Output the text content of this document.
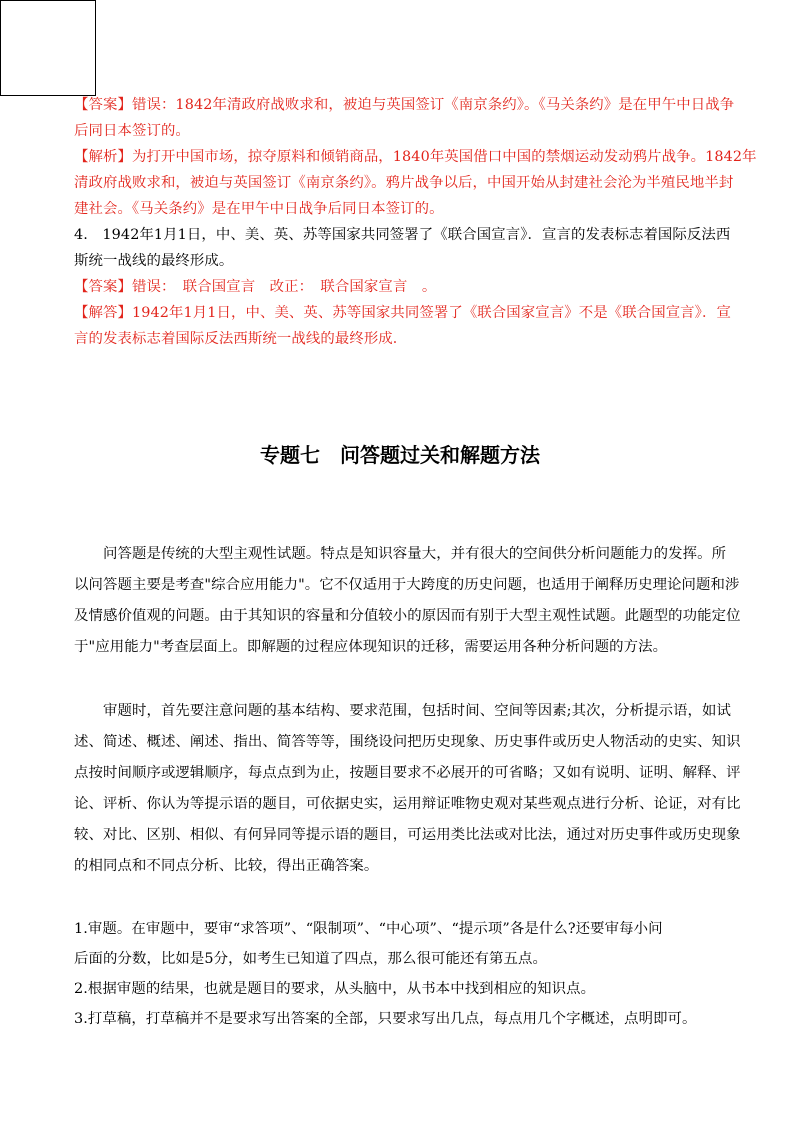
【答案】错误：1842年清政府战败求和，被迫与英国签订《南京条约》。《马关条约》是在甲午中日战争
后同日本签订的。
【解析】为打开中国市场，掠夺原料和倾销商品，1840年英国借口中国的禁烟运动发动鸦片战争。1842年
清政府战败求和，被迫与英国签订《南京条约》。鸦片战争以后，中国开始从封建社会沦为半殖民地半封
建社会。《马关条约》是在甲午中日战争后同日本签订的。
4.　1942年1月1日，中、美、英、苏等国家共同签署了《联合国宣言》．宣言的发表标志着国际反法西
斯统一战线的最终形成。
【答案】错误：　联合国宣言　改正：　联合国家宣言　。
【解答】1942年1月1日，中、美、英、苏等国家共同签署了《联合国家宣言》不是《联合国宣言》．宣
言的发表标志着国际反法西斯统一战线的最终形成．
专题七　问答题过关和解题方法
　　问答题是传统的大型主观性试题。特点是知识容量大，并有很大的空间供分析问题能力的发挥。所
以问答题主要是考查"综合应用能力"。它不仅适用于大跨度的历史问题，也适用于阐释历史理论问题和涉
及情感价值观的问题。由于其知识的容量和分值较小的原因而有别于大型主观性试题。此题型的功能定位
于"应用能力"考查层面上。即解题的过程应体现知识的迁移，需要运用各种分析问题的方法。
　　审题时，首先要注意问题的基本结构、要求范围，包括时间、空间等因素;其次，分析提示语，如试
述、简述、概述、阐述、指出、简答等等，围绕设问把历史现象、历史事件或历史人物活动的史实、知识
点按时间顺序或逻辑顺序，每点点到为止，按题目要求不必展开的可省略；又如有说明、证明、解释、评
论、评析、你认为等提示语的题目，可依据史实，运用辩证唯物史观对某些观点进行分析、论证，对有比
较、对比、区别、相似、有何异同等提示语的题目，可运用类比法或对比法，通过对历史事件或历史现象
的相同点和不同点分析、比较，得出正确答案。
1.审题。在审题中，要审“求答项”、“限制项”、“中心项”、“提示项”各是什么?还要审每小问
后面的分数，比如是5分，如考生已知道了四点，那么很可能还有第五点。
2.根据审题的结果，也就是题目的要求，从头脑中，从书本中找到相应的知识点。
3.打草稿，打草稿并不是要求写出答案的全部，只要求写出几点，每点用几个字概述，点明即可。
